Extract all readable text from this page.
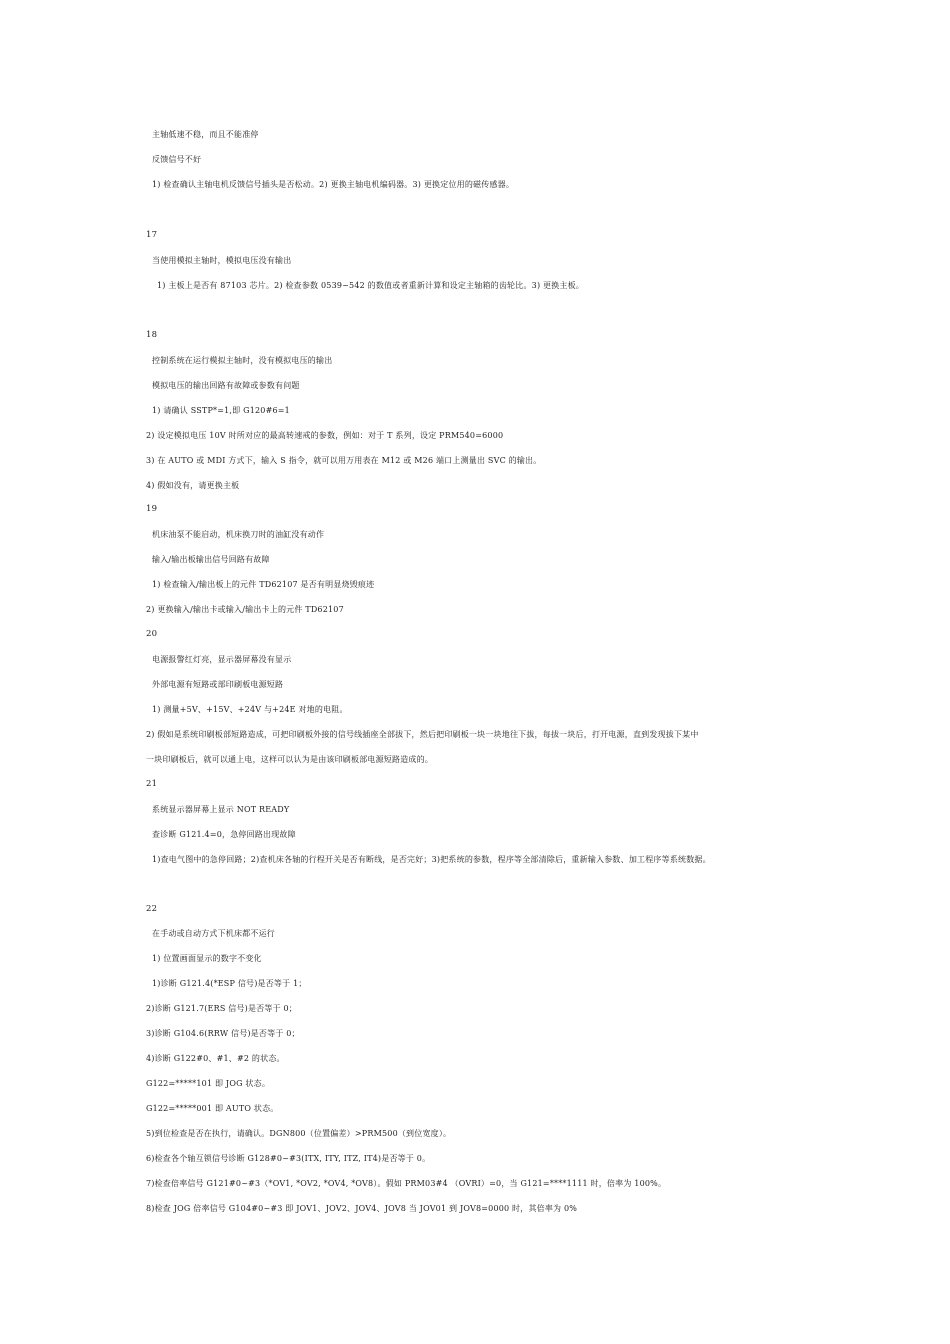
主轴低速不稳，而且不能准停
反馈信号不好
1) 检查确认主轴电机反馈信号插头是否松动。2) 更换主轴电机编码器。3) 更换定位用的磁传感器。
17
当使用模拟主轴时，模拟电压没有输出
1) 主板上是否有 87103 芯片。2) 检查参数 0539~542 的数值或者重新计算和设定主轴箱的齿轮比。3) 更换主板。
18
控制系统在运行模拟主轴时，没有模拟电压的输出
模拟电压的输出回路有故障或参数有问题
1) 请确认 SSTP*=1,即 G120#6=1
2) 设定模拟电压 10V 时所对应的最高转速戒的参数，例如：对于 T 系列，设定 PRM540=6000
3) 在 AUTO 或 MDI 方式下，输入 S 指令，就可以用万用表在 M12 或 M26 端口上测量出 SVC 的输出。
4) 假如没有，请更换主板
19
机床油泵不能启动，机床换刀时的油缸没有动作
输入/输出板输出信号回路有故障
1) 检查输入/输出板上的元件 TD62107 是否有明显烧毁痕迹
2) 更换输入/输出卡或输入/输出卡上的元件 TD62107
20
电源报警红灯亮，显示器屏幕没有显示
外部电源有短路或部印刷板电源短路
1) 测量+5V、+15V、+24V 与+24E 对地的电阻。
2) 假如是系统印刷板部短路造成，可把印刷板外接的信号线插座全部拔下，然后把印刷板一块一块地往下拔，每拔一块后，打开电源，直到发现拔下某中
一块印刷板后，就可以通上电，这样可以认为是由该印刷板部电源短路造成的。
21
系统显示器屏幕上显示 NOT READY
查诊断 G121.4=0，急停回路出现故障
1)查电气图中的急停回路；2)查机床各轴的行程开关是否有断线，是否完好；3)把系统的参数，程序等全部清除后，重新输入参数、加工程序等系统数据。
22
在手动或自动方式下机床都不运行
1) 位置画面显示的数字不变化
1)诊断 G121.4(*ESP 信号)是否等于 1；
2)诊断 G121.7(ERS 信号)是否等于 0；
3)诊断 G104.6(RRW 信号)是否等于 0；
4)诊断 G122#0、#1、#2 的状态。
G122=*****101 即 JOG 状态。
G122=*****001 即 AUTO 状态。
5)到位检查是否在执行，请确认。DGN800（位置偏差）>PRM500（到位宽度）。
6)检查各个轴互锁信号诊断 G128#0~#3(ITX, ITY, ITZ, IT4)是否等于 0。
7)检查倍率信号 G121#0~#3（*OV1, *OV2, *OV4, *OV8）。假如 PRM03#4 （OVRI）=0，当 G121=****1111 时，倍率为 100%。
8)检查 JOG 倍率信号 G104#0~#3 即 JOV1、JOV2、JOV4、JOV8 当 JOV01 到 JOV8=0000 时，其倍率为 0%
